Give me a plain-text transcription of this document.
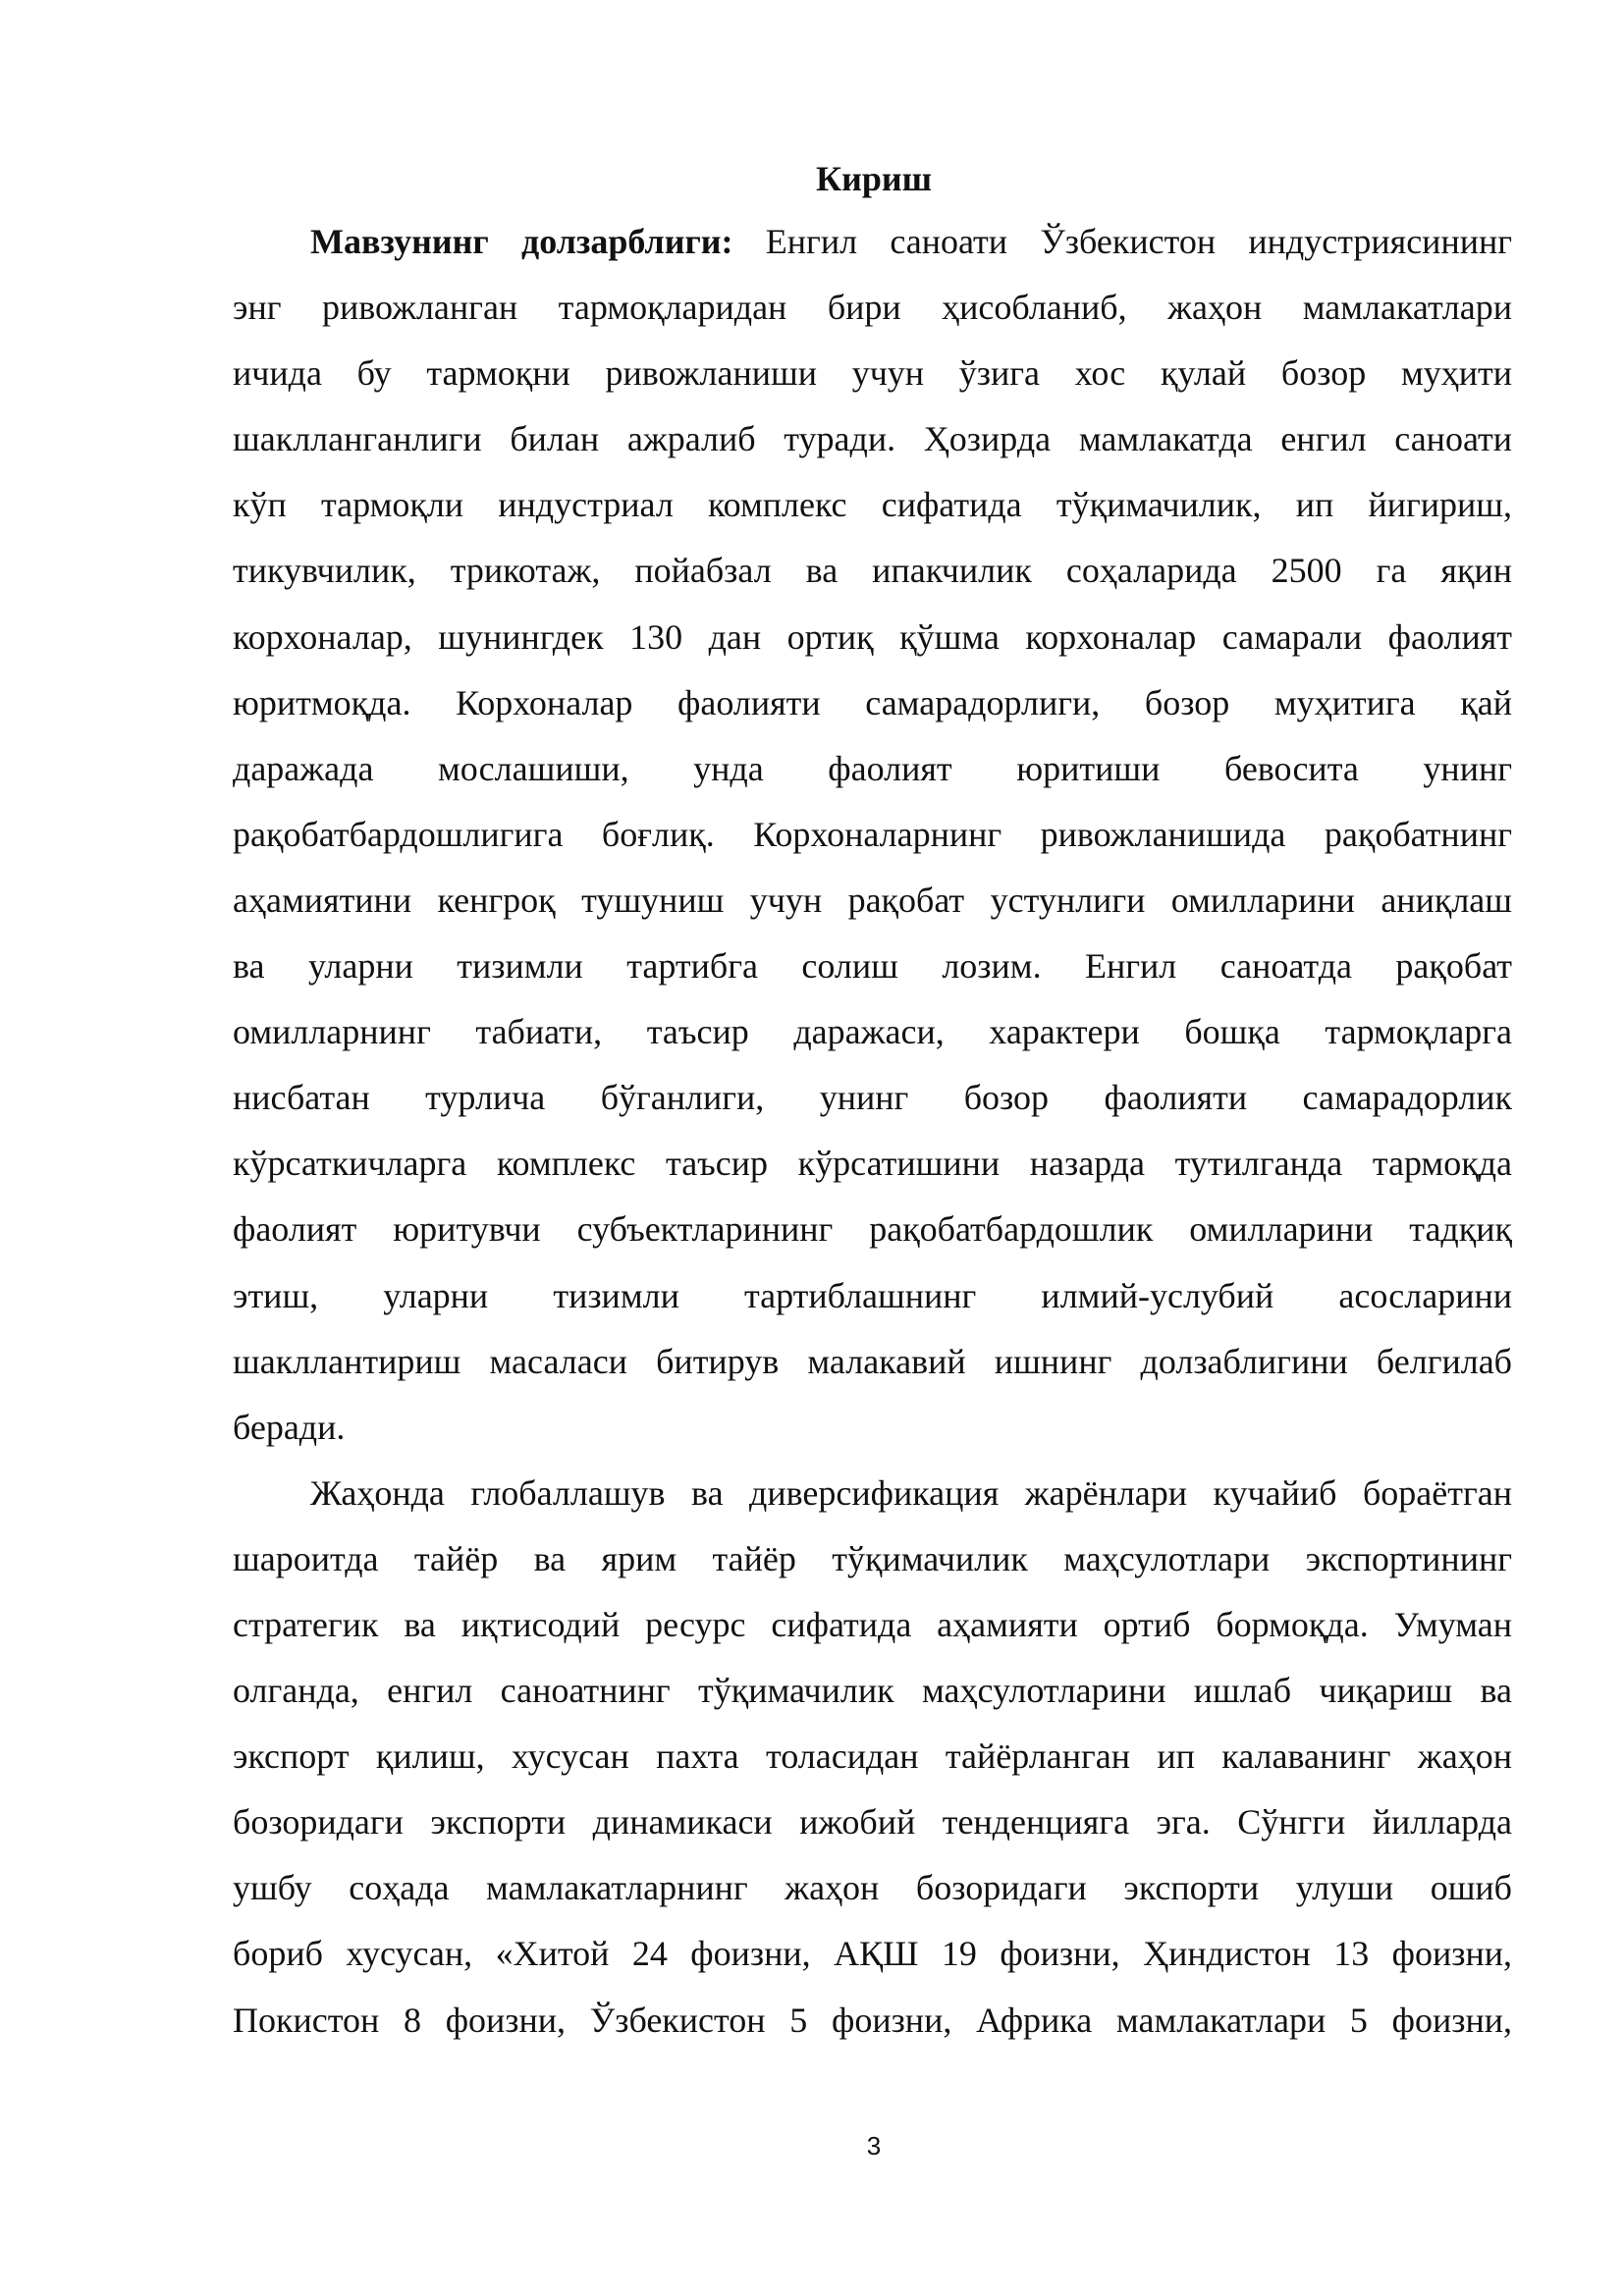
Кириш
Мавзунинг долзарблиги: Енгил саноати Ўзбекистон индустриясининг
энг ривожланган тармоқларидан бири ҳисобланиб, жаҳон мамлакатлари
ичида бу тармоқни ривожланиши учун ўзига хос қулай бозор муҳити
шаклланганлиги билан ажралиб туради. Ҳозирда мамлакатда енгил саноати
кўп тармоқли индустриал комплекс сифатида тўқимачилик, ип йигириш,
тикувчилик, трикотаж, пойабзал ва ипакчилик соҳаларида 2500 га яқин
корхоналар, шунингдек 130 дан ортиқ қўшма корхоналар самарали фаолият
юритмоқда. Корхоналар фаолияти самарадорлиги, бозор муҳитига қай
даражада мослашиши, унда фаолият юритиши бевосита унинг
рақобатбардошлигига боғлиқ. Корхоналарнинг ривожланишида рақобатнинг
аҳамиятини кенгроқ тушуниш учун рақобат устунлиги омилларини аниқлаш
ва уларни тизимли тартибга солиш лозим. Енгил саноатда рақобат
омилларнинг табиати, таъсир даражаси, характери бошқа тармоқларга
нисбатан турлича бўганлиги, унинг бозор фаолияти самарадорлик
кўрсаткичларга комплекс таъсир кўрсатишини назарда тутилганда тармоқда
фаолият юритувчи субъектларининг рақобатбардошлик омилларини тадқиқ
этиш, уларни тизимли тартиблашнинг илмий-услубий асосларини
шакллантириш масаласи битирув малакавий ишнинг долзаблигини белгилаб
беради.
Жаҳонда глобаллашув ва диверсификация жарёнлари кучайиб бораётган
шароитда тайёр ва ярим тайёр тўқимачилик маҳсулотлари экспортининг
стратегик ва иқтисодий ресурс сифатида аҳамияти ортиб бормоқда. Умуман
олганда, енгил саноатнинг тўқимачилик маҳсулотларини ишлаб чиқариш ва
экспорт қилиш, хусусан пахта толасидан тайёрланган ип калаванинг жаҳон
бозоридаги экспорти динамикаси ижобий тенденцияга эга. Сўнгги йилларда
ушбу соҳада мамлакатларнинг жаҳон бозоридаги экспорти улуши ошиб
бориб хусусан, «Хитой 24 фоизни, АҚШ 19 фоизни, Ҳиндистон 13 фоизни,
Покистон 8 фоизни, Ўзбекистон 5 фоизни, Африка мамлакатлари 5 фоизни,

3
